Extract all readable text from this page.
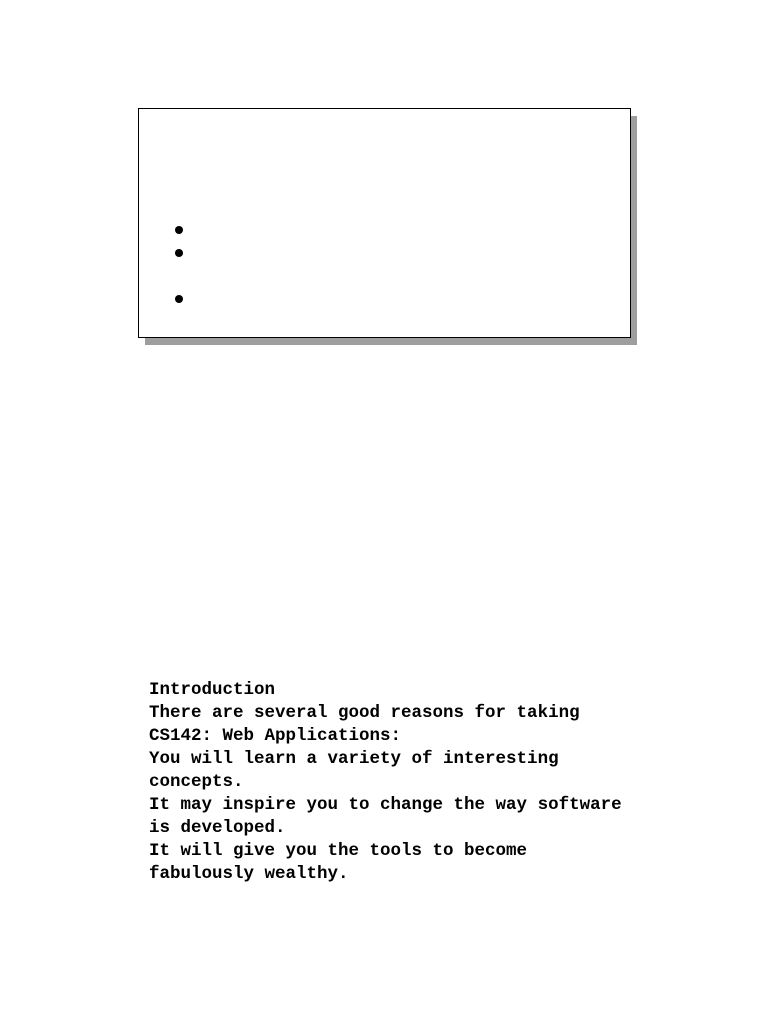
Introduction

There are several good reasons for taking CS142: Web Applications:

You will learn a variety of interesting concepts.

It may inspire you to change the way software is developed.

It will give you the tools to become fabulously wealthy.
